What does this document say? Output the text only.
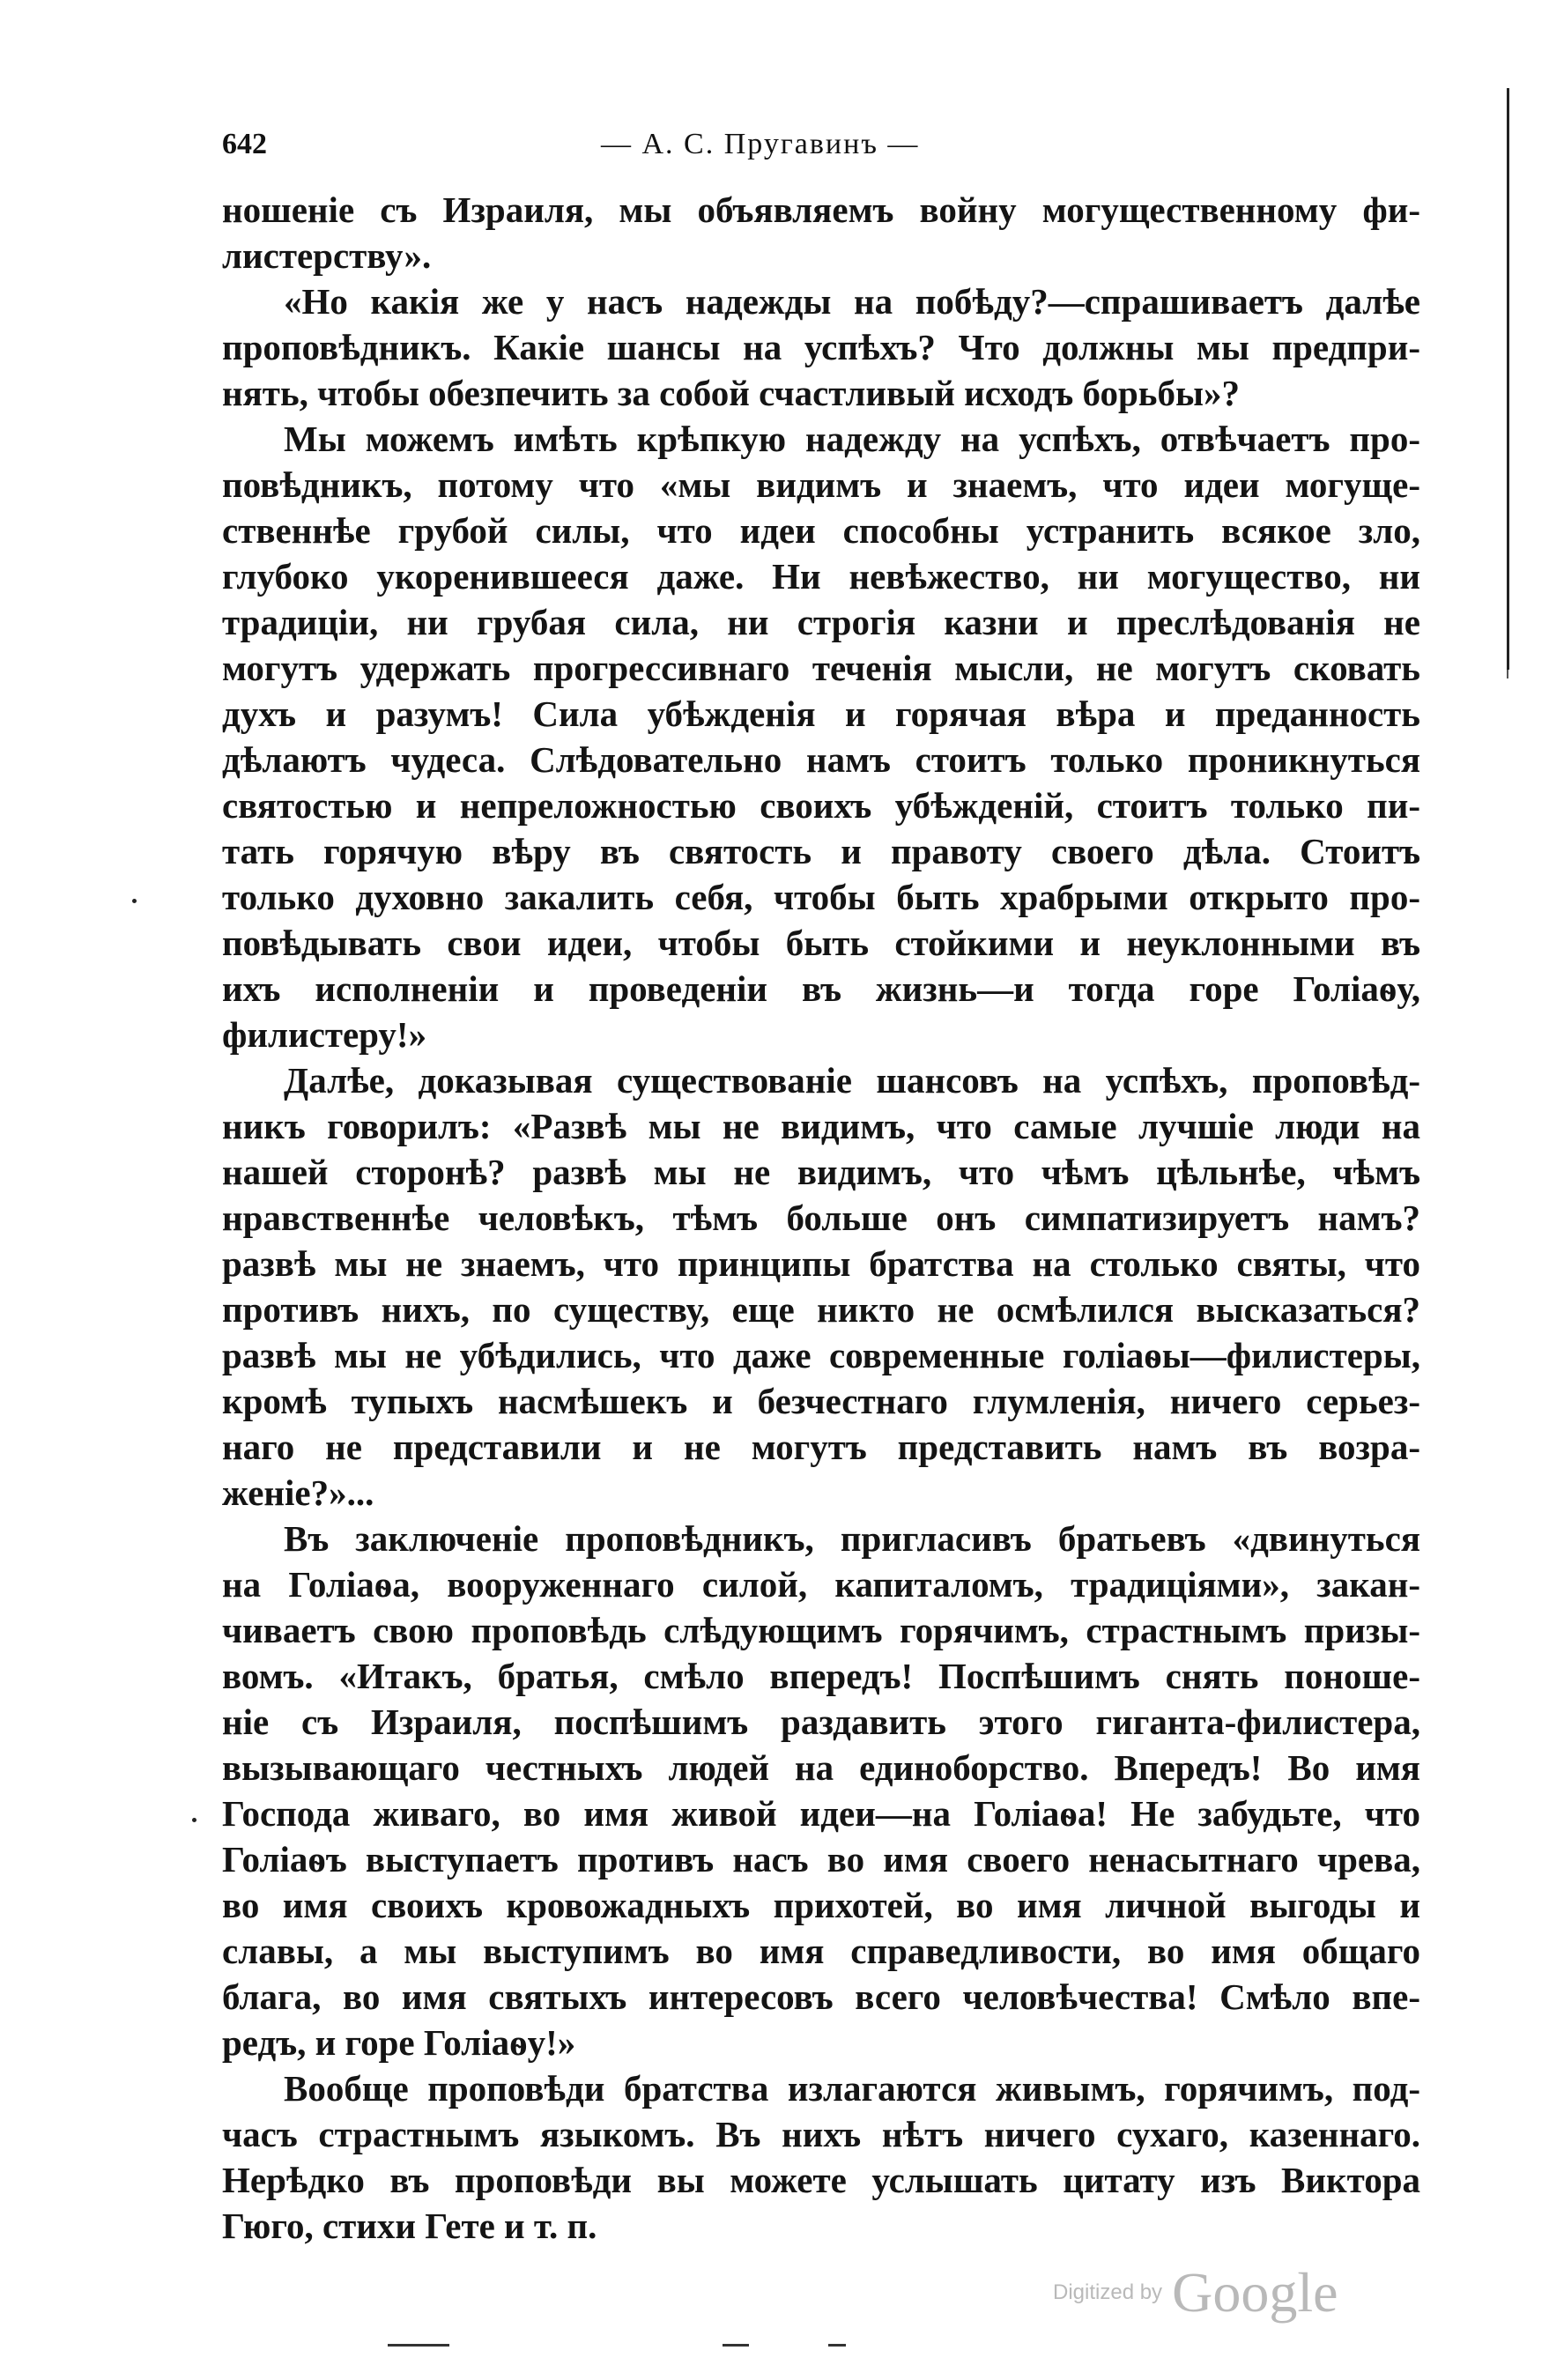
642	— А. С. Пругавинъ —
ношеніе съ Израиля, мы объявляемъ войну могущественному фи-
листерству».
«Но какія же у насъ надежды на побѣду?—спрашиваетъ далѣе
проповѣдникъ. Какіе шансы на успѣхъ? Что должны мы предпри-
нять, чтобы обезпечить за собой счастливый исходъ борьбы»?
Мы можемъ имѣть крѣпкую надежду на успѣхъ, отвѣчаетъ про-
повѣдникъ, потому что «мы видимъ и знаемъ, что идеи могуще-
ственнѣе грубой силы, что идеи способны устранить всякое зло,
глубоко укоренившееся даже. Ни невѣжество, ни могущество, ни
традиціи, ни грубая сила, ни строгія казни и преслѣдованія не
могутъ удержать прогрессивнаго теченія мысли, не могутъ сковать
духъ и разумъ! Сила убѣжденія и горячая вѣра и преданность
дѣлаютъ чудеса. Слѣдовательно намъ стоитъ только проникнуться
святостью и непреложностью своихъ убѣжденій, стоитъ только пи-
тать горячую вѣру въ святость и правоту своего дѣла. Стоитъ
только духовно закалить себя, чтобы быть храбрыми открыто про-
повѣдывать свои идеи, чтобы быть стойкими и неуклонными въ
ихъ исполненіи и проведеніи въ жизнь—и тогда горе Голіаѳу,
филистеру!»
Далѣе, доказывая существованіе шансовъ на успѣхъ, проповѣд-
никъ говорилъ: «Развѣ мы не видимъ, что самые лучшіе люди на
нашей сторонѣ? развѣ мы не видимъ, что чѣмъ цѣльнѣе, чѣмъ
нравственнѣе человѣкъ, тѣмъ больше онъ симпатизируетъ намъ?
развѣ мы не знаемъ, что принципы братства на столько святы, что
противъ нихъ, по существу, еще никто не осмѣлился высказаться?
развѣ мы не убѣдились, что даже современные голіаѳы—филистеры,
кромѣ тупыхъ насмѣшекъ и безчестнаго глумленія, ничего серьез-
наго не представили и не могутъ представить намъ въ возра-
женіе?»...
Въ заключеніе проповѣдникъ, пригласивъ братьевъ «двинуться
на Голіаѳа, вооруженнаго силой, капиталомъ, традиціями», закан-
чиваетъ свою проповѣдь слѣдующимъ горячимъ, страстнымъ призы-
вомъ. «Итакъ, братья, смѣло впередъ! Поспѣшимъ снять поноше-
ніе съ Израиля, поспѣшимъ раздавить этого гиганта-филистера,
вызывающаго честныхъ людей на единоборство. Впередъ! Во имя
Господа живаго, во имя живой идеи—на Голіаѳа! Не забудьте, что
Голіаѳъ выступаетъ противъ насъ во имя своего ненасытнаго чрева,
во имя своихъ кровожадныхъ прихотей, во имя личной выгоды и
славы, а мы выступимъ во имя справедливости, во имя общаго
блага, во имя святыхъ интересовъ всего человѣчества! Смѣло впе-
редъ, и горе Голіаѳу!»
Вообще проповѣди братства излагаются живымъ, горячимъ, под-
часъ страстнымъ языкомъ. Въ нихъ нѣтъ ничего сухаго, казеннаго.
Нерѣдко въ проповѣди вы можете услышать цитату изъ Виктора
Гюго, стихи Гете и т. п.
Digitized by Google
